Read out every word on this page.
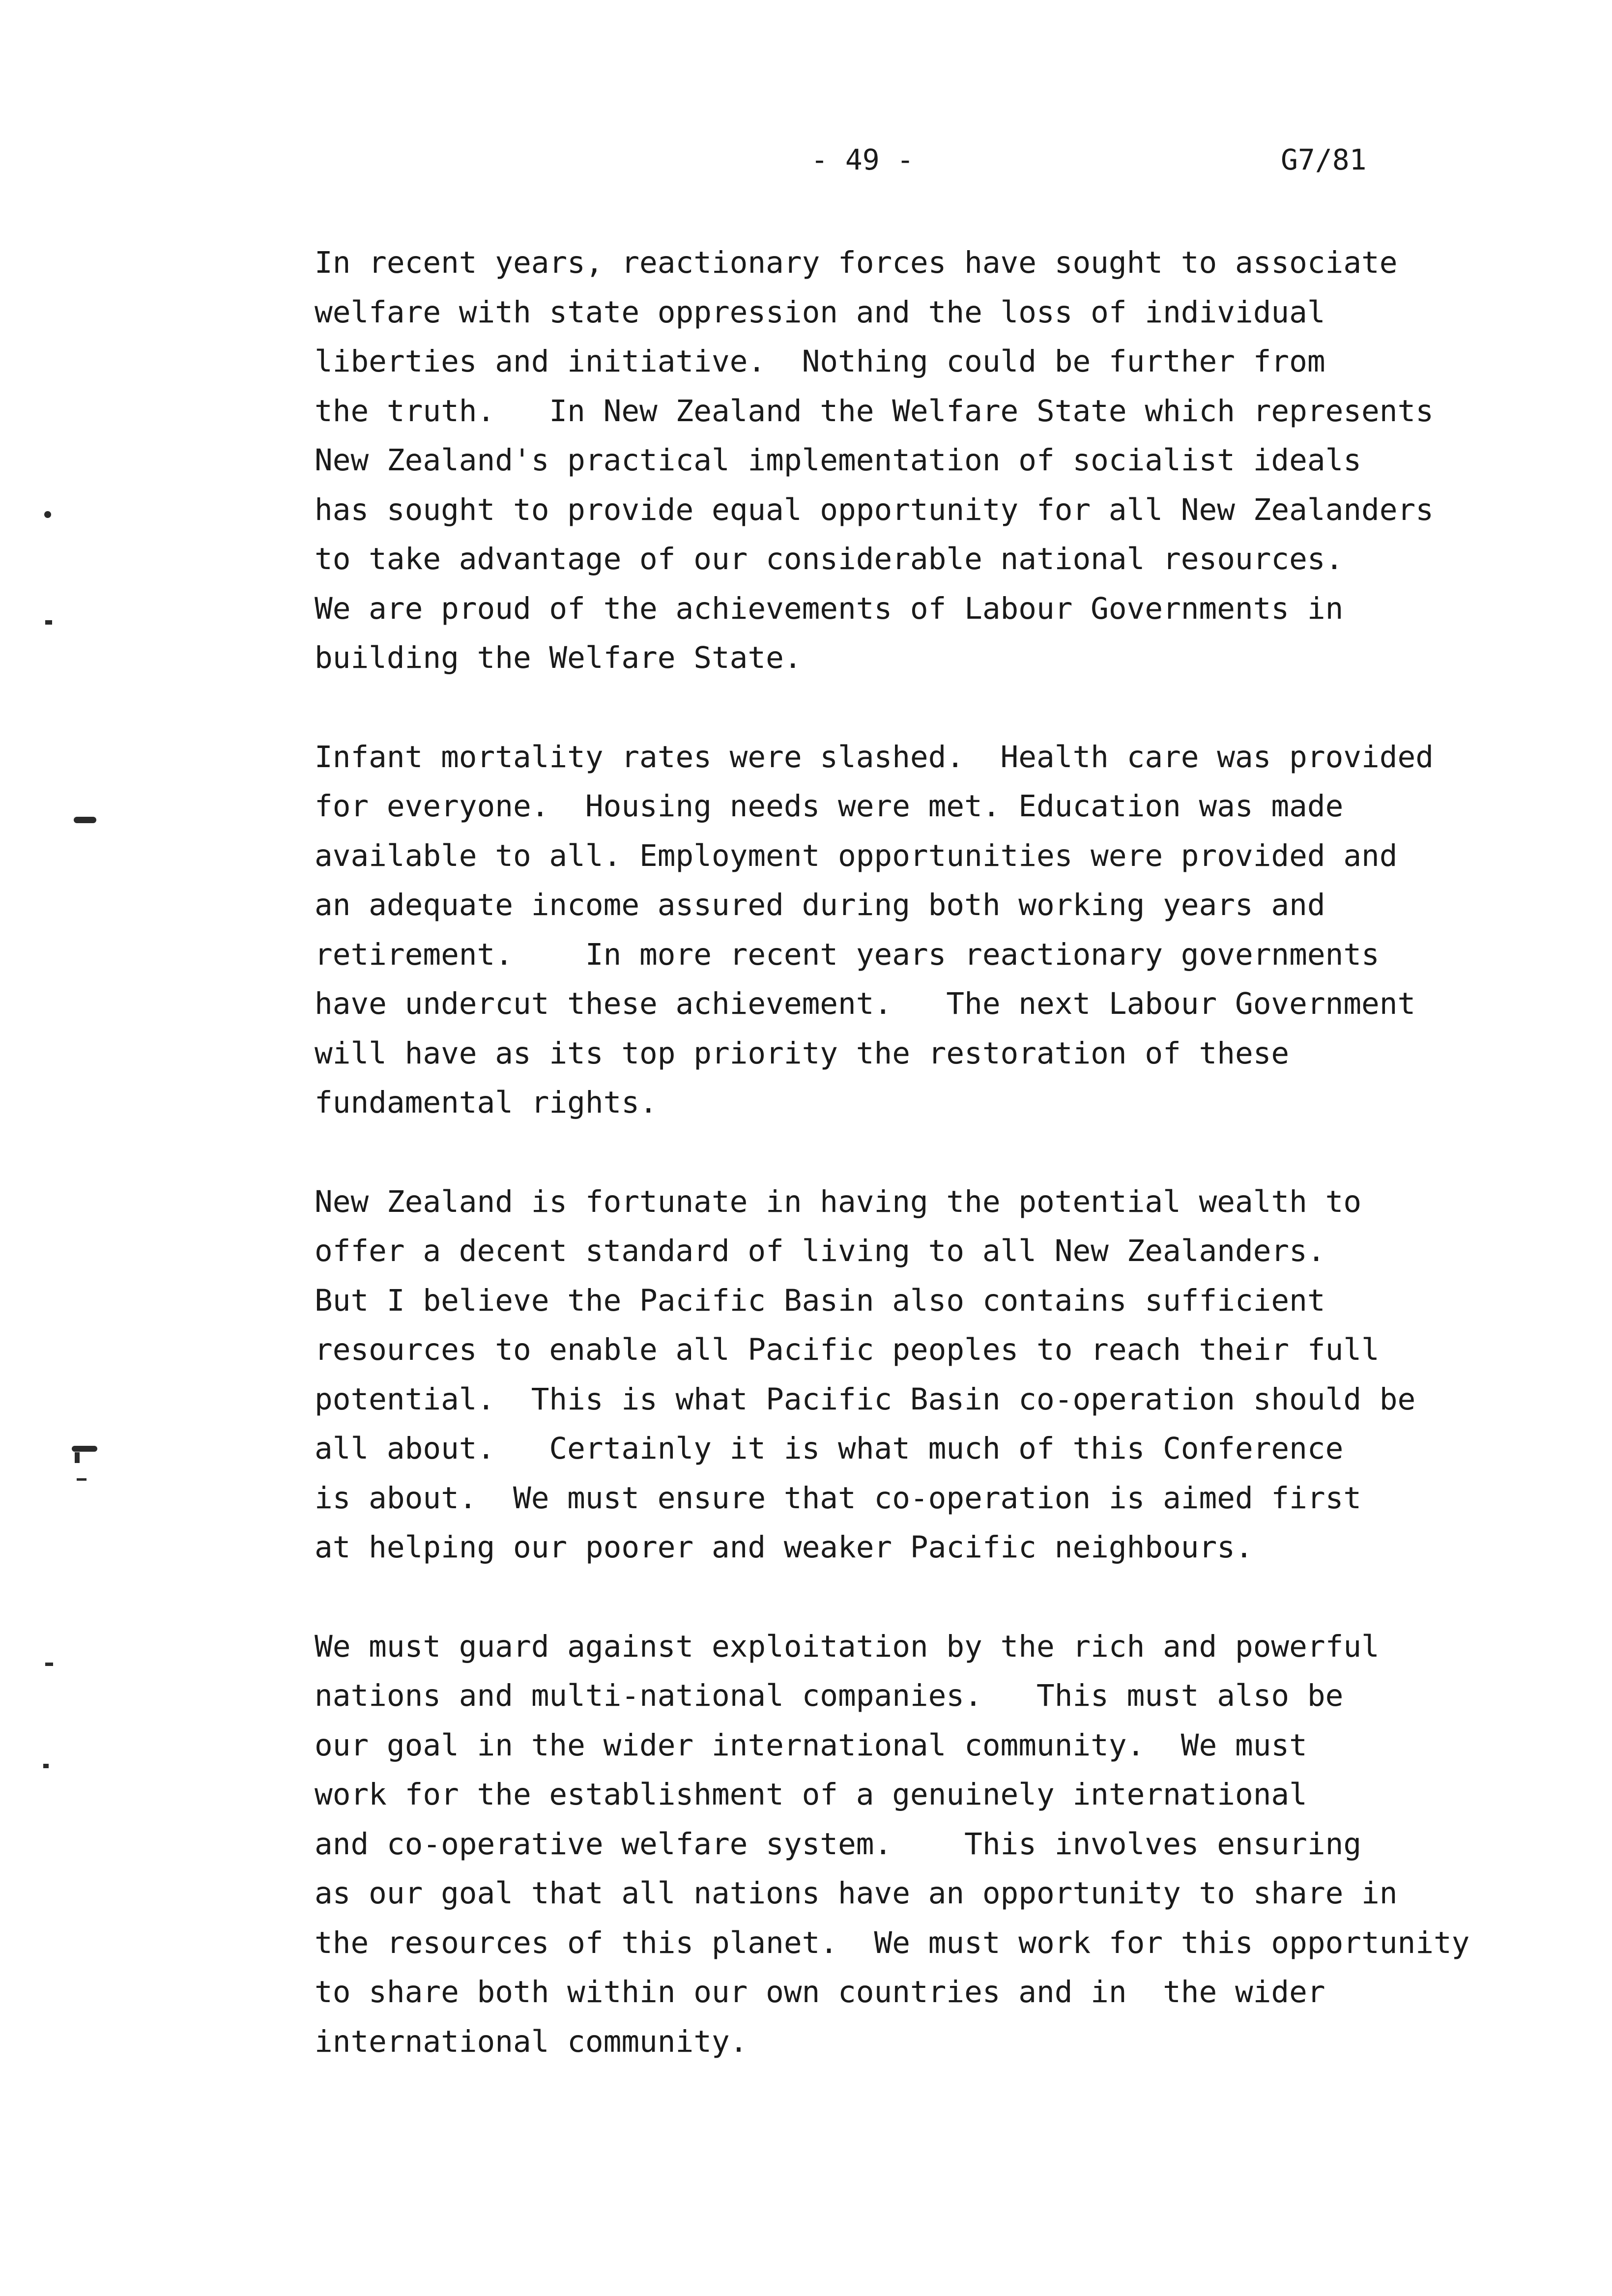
- 49 -	G7/81
In recent years, reactionary forces have sought to associate
welfare with state oppression and the loss of individual
liberties and initiative.  Nothing could be further from
the truth.   In New Zealand the Welfare State which represents
New Zealand's practical implementation of socialist ideals
has sought to provide equal opportunity for all New Zealanders
to take advantage of our considerable national resources.
We are proud of the achievements of Labour Governments in
building the Welfare State.
Infant mortality rates were slashed.  Health care was provided
for everyone.  Housing needs were met. Education was made
available to all. Employment opportunities were provided and
an adequate income assured during both working years and
retirement.    In more recent years reactionary governments
have undercut these achievement.   The next Labour Government
will have as its top priority the restoration of these
fundamental rights.
New Zealand is fortunate in having the potential wealth to
offer a decent standard of living to all New Zealanders.
But I believe the Pacific Basin also contains sufficient
resources to enable all Pacific peoples to reach their full
potential.  This is what Pacific Basin co-operation should be
all about.   Certainly it is what much of this Conference
is about.  We must ensure that co-operation is aimed first
at helping our poorer and weaker Pacific neighbours.
We must guard against exploitation by the rich and powerful
nations and multi-national companies.   This must also be
our goal in the wider international community.  We must
work for the establishment of a genuinely international
and co-operative welfare system.    This involves ensuring
as our goal that all nations have an opportunity to share in
the resources of this planet.  We must work for this opportunity
to share both within our own countries and in  the wider
international community.
